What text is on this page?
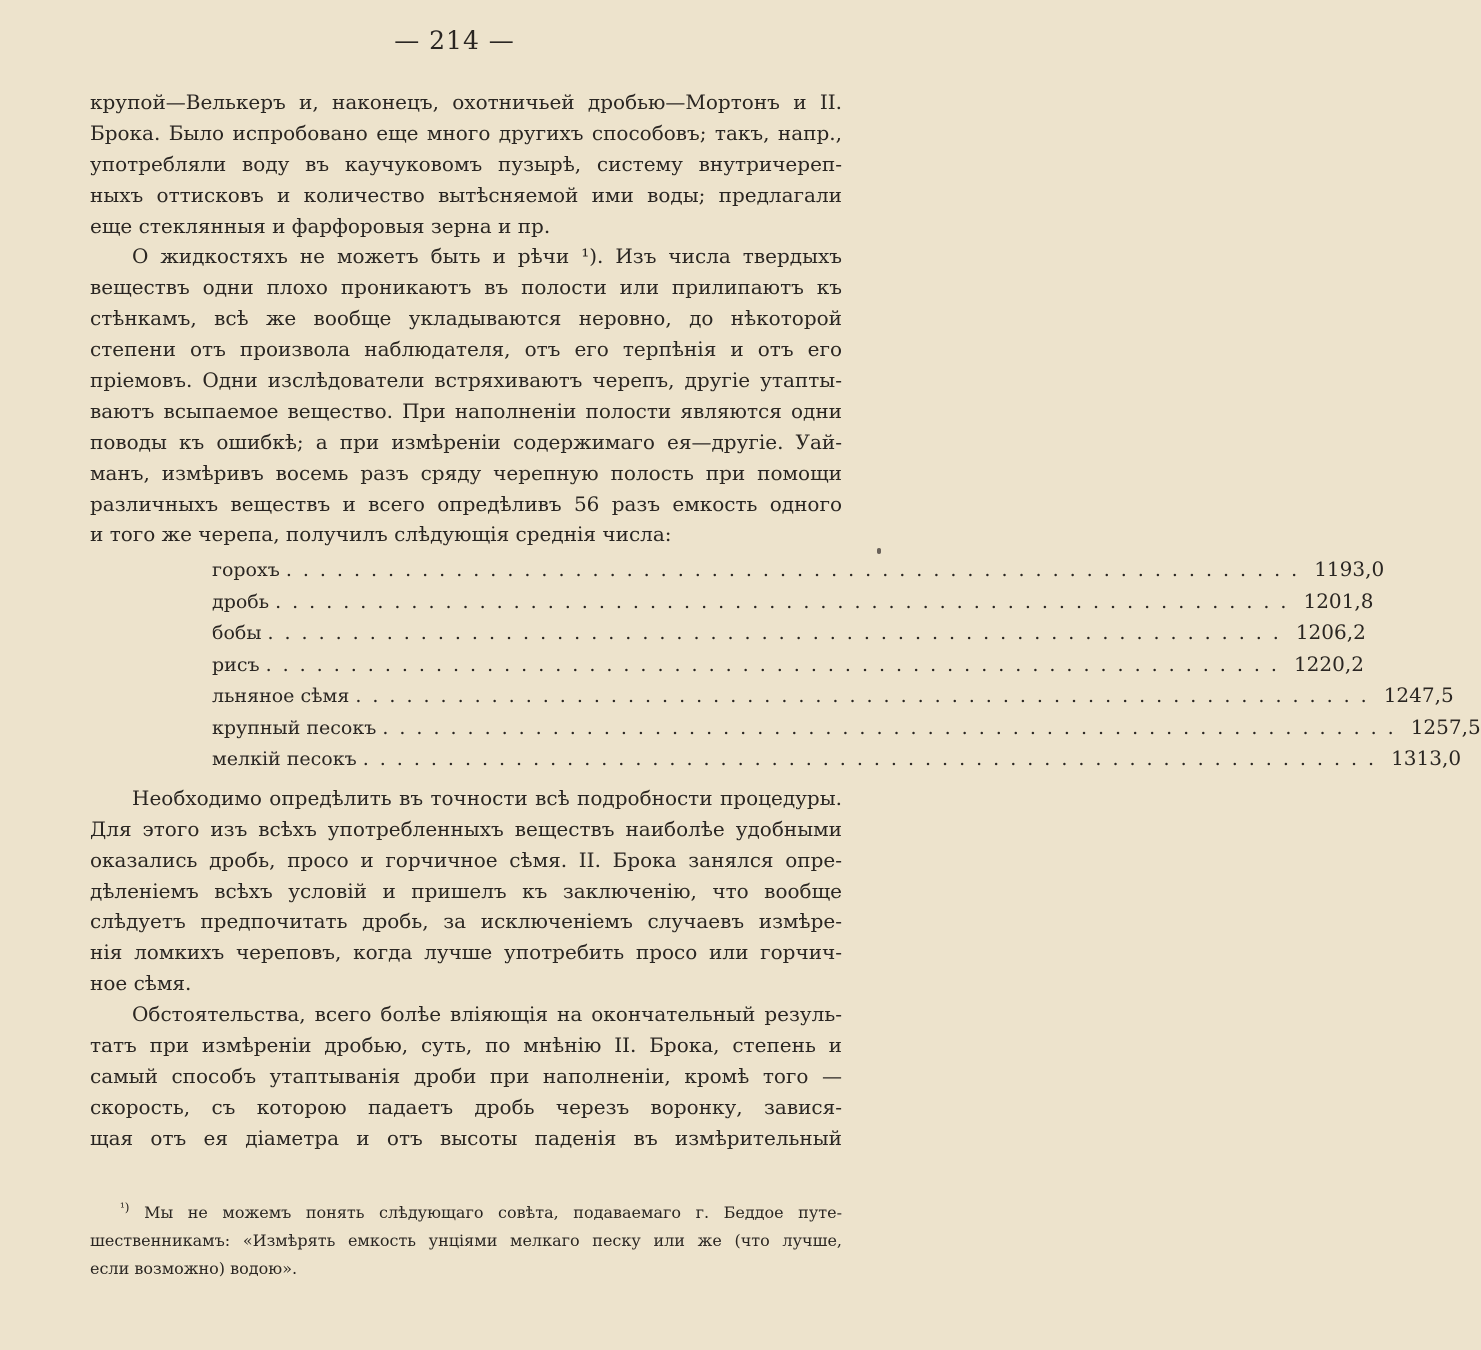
— 214 —
крупой—Велькеръ и, наконецъ, охотничьей дробью—Мортонъ и II.
Брока. Было испробовано еще много другихъ способовъ; такъ, напр.,
употребляли воду въ каучуковомъ пузырѣ, систему внутричереп-
ныхъ оттисковъ и количество вытѣсняемой ими воды; предлагали
еще стеклянныя и фарфоровыя зерна и пр.
О жидкостяхъ не можетъ быть и рѣчи ¹). Изъ числа твердыхъ
веществъ одни плохо проникаютъ въ полости или прилипаютъ къ
стѣнкамъ, всѣ же вообще укладываются неровно, до нѣкоторой
степени отъ произвола наблюдателя, отъ его терпѣнія и отъ его
пріемовъ. Одни изслѣдователи встряхиваютъ черепъ, другіе утапты-
ваютъ всыпаемое вещество. При наполненіи полости являются одни
поводы къ ошибкѣ; а при измѣреніи содержимаго ея—другіе. Уай-
манъ, измѣривъ восемь разъ сряду черепную полость при помощи
различныхъ веществъ и всего опредѣливъ 56 разъ емкость одного
и того же черепа, получилъ слѣдующія среднія числа:
горохъ ............................................................ 1193,0
дробь ............................................................ 1201,8
бобы ............................................................ 1206,2
рисъ ............................................................ 1220,2
льняное сѣмя ............................................................ 1247,5
крупный песокъ ............................................................ 1257,5
мелкій песокъ ............................................................ 1313,0
Необходимо опредѣлить въ точности всѣ подробности процедуры.
Для этого изъ всѣхъ употребленныхъ веществъ наиболѣе удобными
оказались дробь, просо и горчичное сѣмя. II. Брока занялся опре-
дѣленіемъ всѣхъ условій и пришелъ къ заключенію, что вообще
слѣдуетъ предпочитать дробь, за исключеніемъ случаевъ измѣре-
нія ломкихъ череповъ, когда лучше употребить просо или горчич-
ное сѣмя.
Обстоятельства, всего болѣе вліяющія на окончательный резуль-
татъ при измѣреніи дробью, суть, по мнѣнію II. Брока, степень и
самый способъ утаптыванія дроби при наполненіи, кромѣ того —
скорость, съ которою падаетъ дробь черезъ воронку, завися-
щая отъ ея діаметра и отъ высоты паденія въ измѣрительный
$^{^1)}$ Мы не можемъ понять слѣдующаго совѣта, подаваемаго г. Беддое путе-
шественникамъ: «Измѣрять емкость унціями мелкаго песку или же (что лучше,
если возможно) водою».
